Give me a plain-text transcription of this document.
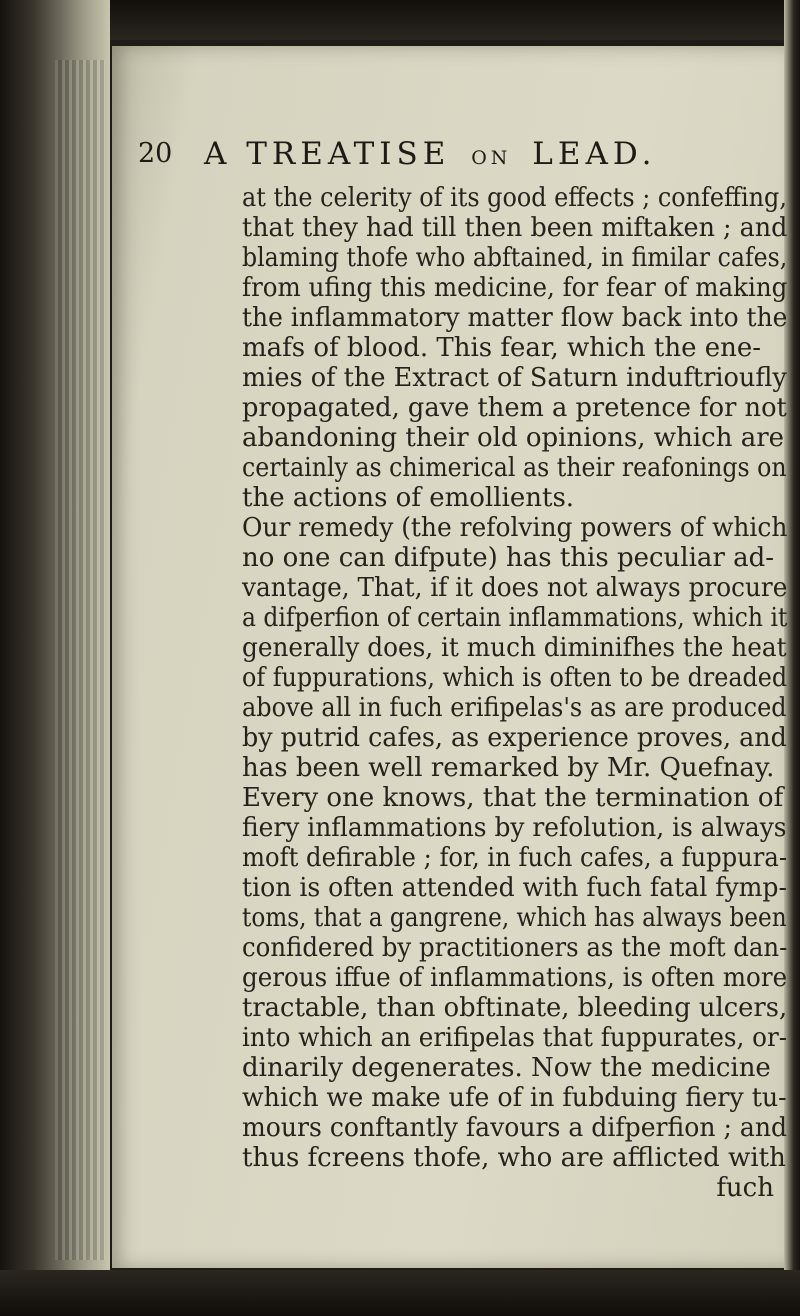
20 A TREATISE ON LEAD.
at the celerity of its good effects ; confeffing,
that they had till then been miftaken ; and
blaming thofe who abftained, in fimilar cafes,
from ufing this medicine, for fear of making
the inflammatory matter flow back into the
mafs of blood. This fear, which the ene-
mies of the Extract of Saturn induftrioufly
propagated, gave them a pretence for not
abandoning their old opinions, which are
certainly as chimerical as their reafonings on
the actions of emollients.
Our remedy (the refolving powers of which
no one can difpute) has this peculiar ad-
vantage, That, if it does not always procure
a difperfion of certain inflammations, which it
generally does, it much diminifhes the heat
of fuppurations, which is often to be dreaded
above all in fuch erifipelas's as are produced
by putrid cafes, as experience proves, and
has been well remarked by Mr. Quefnay.
Every one knows, that the termination of
fiery inflammations by refolution, is always
moft defirable ; for, in fuch cafes, a fuppura-
tion is often attended with fuch fatal fymp-
toms, that a gangrene, which has always been
confidered by practitioners as the moft dan-
gerous iffue of inflammations, is often more
tractable, than obftinate, bleeding ulcers,
into which an erifipelas that fuppurates, or-
dinarily degenerates. Now the medicine
which we make ufe of in fubduing fiery tu-
mours conftantly favours a difperfion ; and
thus fcreens thofe, who are afflicted with
fuch
